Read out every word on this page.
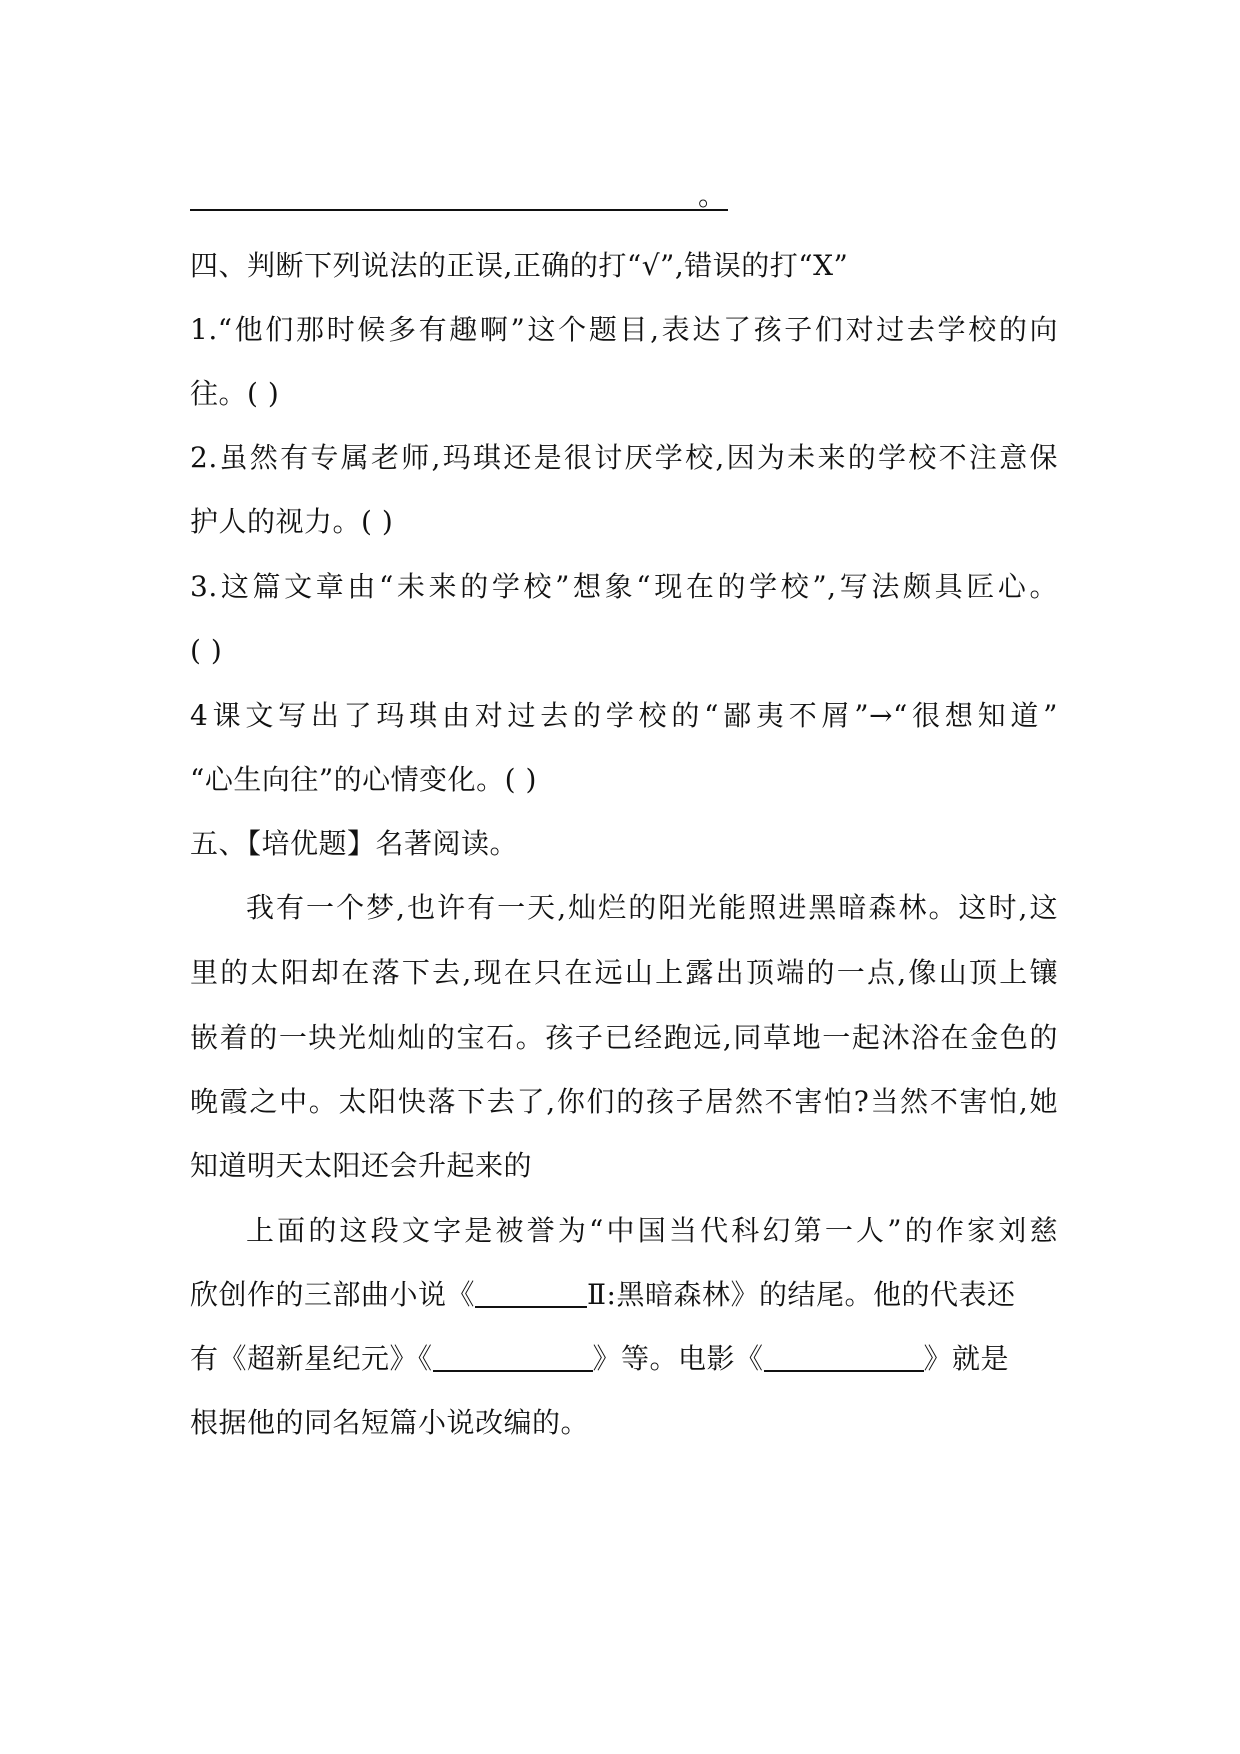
。
四、判断下列说法的正误,正确的打“√”,错误的打“X”
1.“他们那时候多有趣啊”这个题目,表达了孩子们对过去学校的向
往。( )
2.虽然有专属老师,玛琪还是很讨厌学校,因为未来的学校不注意保
护人的视力。( )
3.这篇文章由“未来的学校”想象“现在的学校”,写法颇具匠心。
( )
4课文写出了玛琪由对过去的学校的“鄙夷不屑”→“很想知道”
“心生向往”的心情变化。( )
五、【培优题】名著阅读。
我有一个梦,也许有一天,灿烂的阳光能照进黑暗森林。这时,这
里的太阳却在落下去,现在只在远山上露出顶端的一点,像山顶上镶
嵌着的一块光灿灿的宝石。孩子已经跑远,同草地一起沐浴在金色的
晚霞之中。太阳快落下去了,你们的孩子居然不害怕?当然不害怕,她
知道明天太阳还会升起来的
上面的这段文字是被誉为“中国当代科幻第一人”的作家刘慈
欣创作的三部曲小说《	Ⅱ:黑暗森林》的结尾。他的代表还
有《超新星纪元》《	》等。电影《	》就是
根据他的同名短篇小说改编的。
